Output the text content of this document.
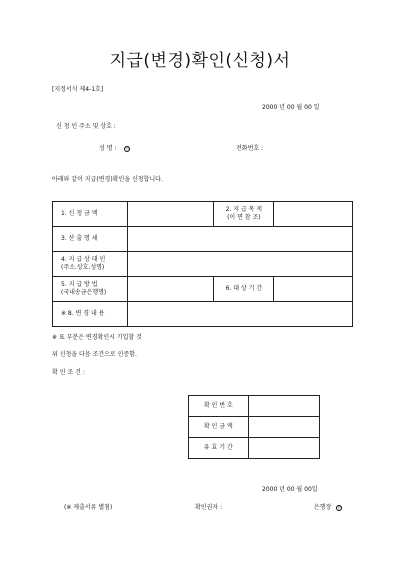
지급(변경)확인(신청)서
[지정서식 제4-1호]
2000 년 00 월 00 일
신 청 인 주소 및 상호 :
성 명 : 인	전화번호 :
아래와 같이 지급(변경)확인을 신청합니다.
1. 신 청 금 액		2. 지 급 목 적
(이 면 참 조)	
3. 산 출 명 세			
4. 지 급 상 대 인
(주소.상호.성명)			
5. 지 급 방 법
(국내송금은행명)		6. 대 상 기 간	
※ 8. 변 경 내 용			
※ 표 부분은 변경확인시 기입할 것
위 신청을 다음 조건으로 인증함.
확 인 조 건 :
확 인 번 호	
확 인 금 액	
유 효 기 간	
2000 년 00 월 00일
(※ 제출서류 별첨)	확인권자 :	은행장 인
